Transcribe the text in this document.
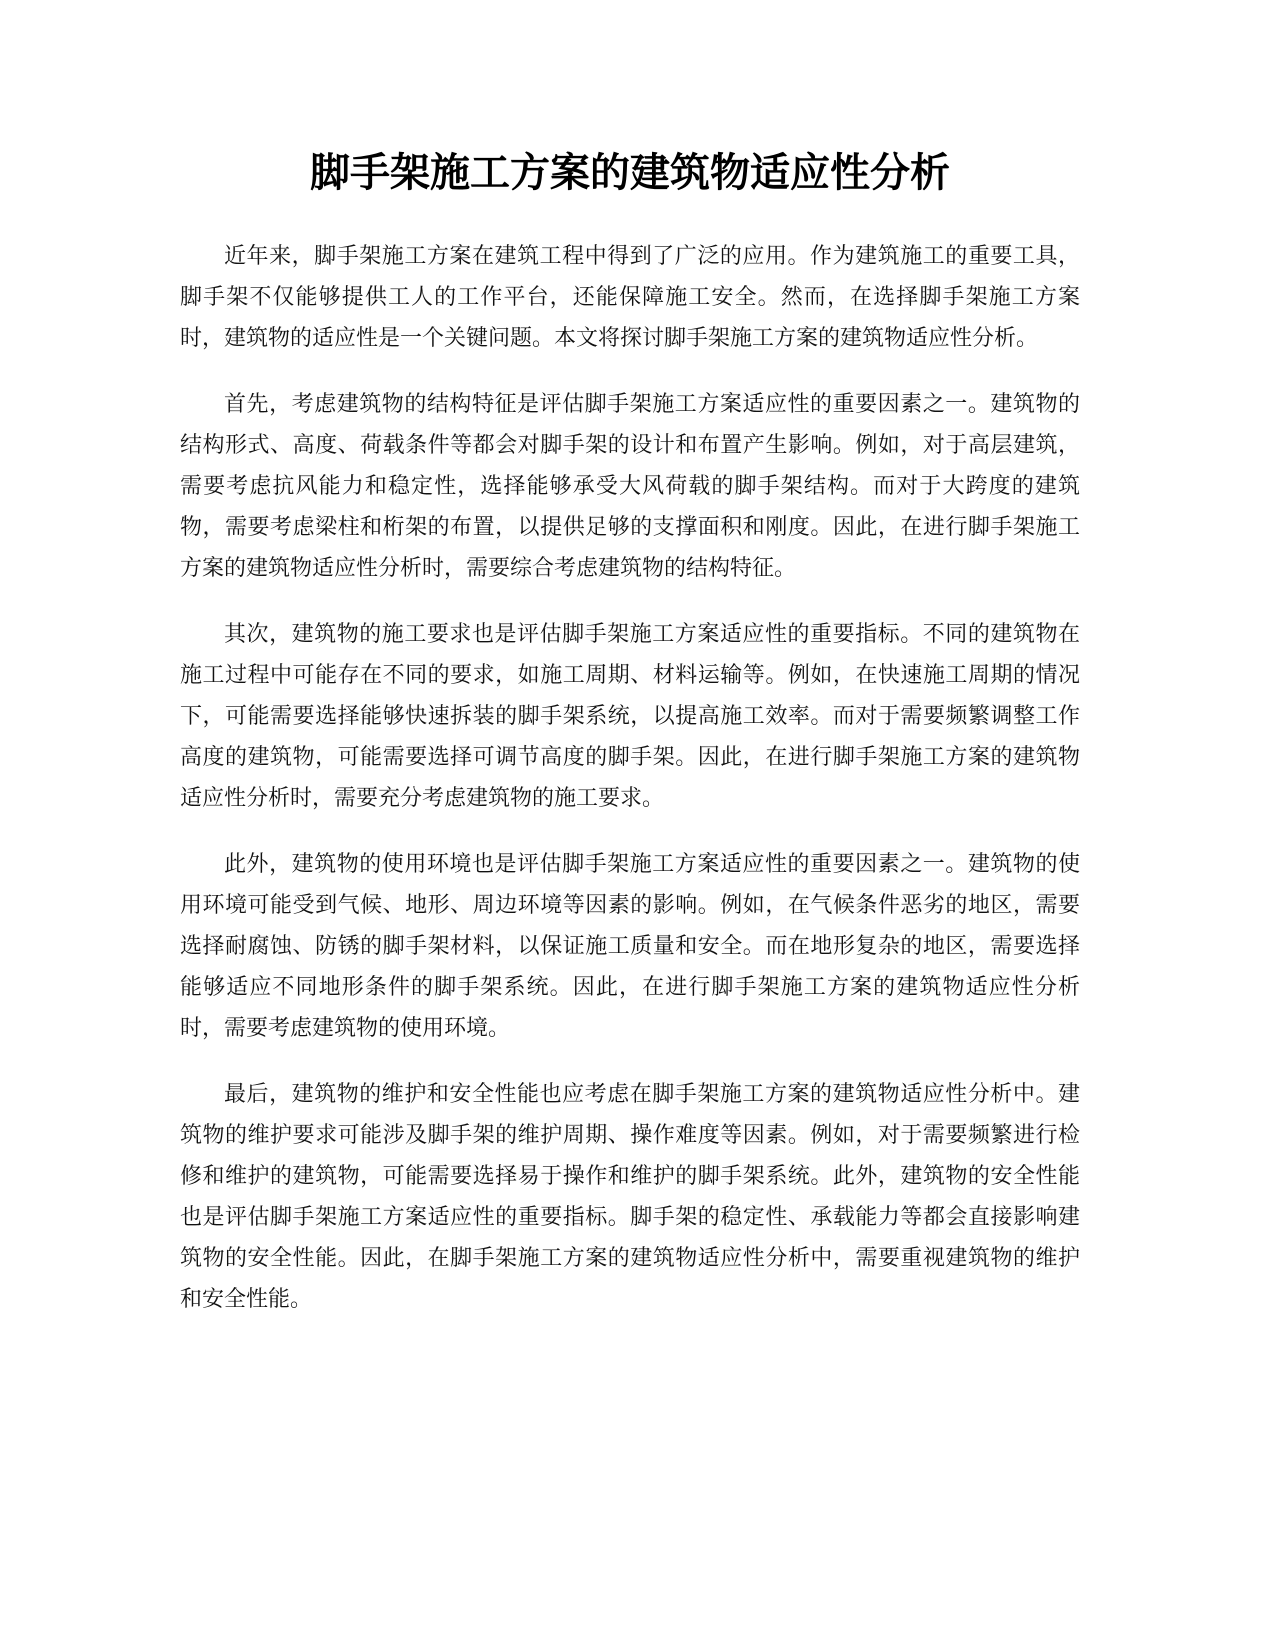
脚手架施工方案的建筑物适应性分析

近年来，脚手架施工方案在建筑工程中得到了广泛的应用。作为建筑施工的重要工具，脚手架不仅能够提供工人的工作平台，还能保障施工安全。然而，在选择脚手架施工方案时，建筑物的适应性是一个关键问题。本文将探讨脚手架施工方案的建筑物适应性分析。

首先，考虑建筑物的结构特征是评估脚手架施工方案适应性的重要因素之一。建筑物的结构形式、高度、荷载条件等都会对脚手架的设计和布置产生影响。例如，对于高层建筑，需要考虑抗风能力和稳定性，选择能够承受大风荷载的脚手架结构。而对于大跨度的建筑物，需要考虑梁柱和桁架的布置，以提供足够的支撑面积和刚度。因此，在进行脚手架施工方案的建筑物适应性分析时，需要综合考虑建筑物的结构特征。

其次，建筑物的施工要求也是评估脚手架施工方案适应性的重要指标。不同的建筑物在施工过程中可能存在不同的要求，如施工周期、材料运输等。例如，在快速施工周期的情况下，可能需要选择能够快速拆装的脚手架系统，以提高施工效率。而对于需要频繁调整工作高度的建筑物，可能需要选择可调节高度的脚手架。因此，在进行脚手架施工方案的建筑物适应性分析时，需要充分考虑建筑物的施工要求。

此外，建筑物的使用环境也是评估脚手架施工方案适应性的重要因素之一。建筑物的使用环境可能受到气候、地形、周边环境等因素的影响。例如，在气候条件恶劣的地区，需要选择耐腐蚀、防锈的脚手架材料，以保证施工质量和安全。而在地形复杂的地区，需要选择能够适应不同地形条件的脚手架系统。因此，在进行脚手架施工方案的建筑物适应性分析时，需要考虑建筑物的使用环境。

最后，建筑物的维护和安全性能也应考虑在脚手架施工方案的建筑物适应性分析中。建筑物的维护要求可能涉及脚手架的维护周期、操作难度等因素。例如，对于需要频繁进行检修和维护的建筑物，可能需要选择易于操作和维护的脚手架系统。此外，建筑物的安全性能也是评估脚手架施工方案适应性的重要指标。脚手架的稳定性、承载能力等都会直接影响建筑物的安全性能。因此，在脚手架施工方案的建筑物适应性分析中，需要重视建筑物的维护和安全性能。
